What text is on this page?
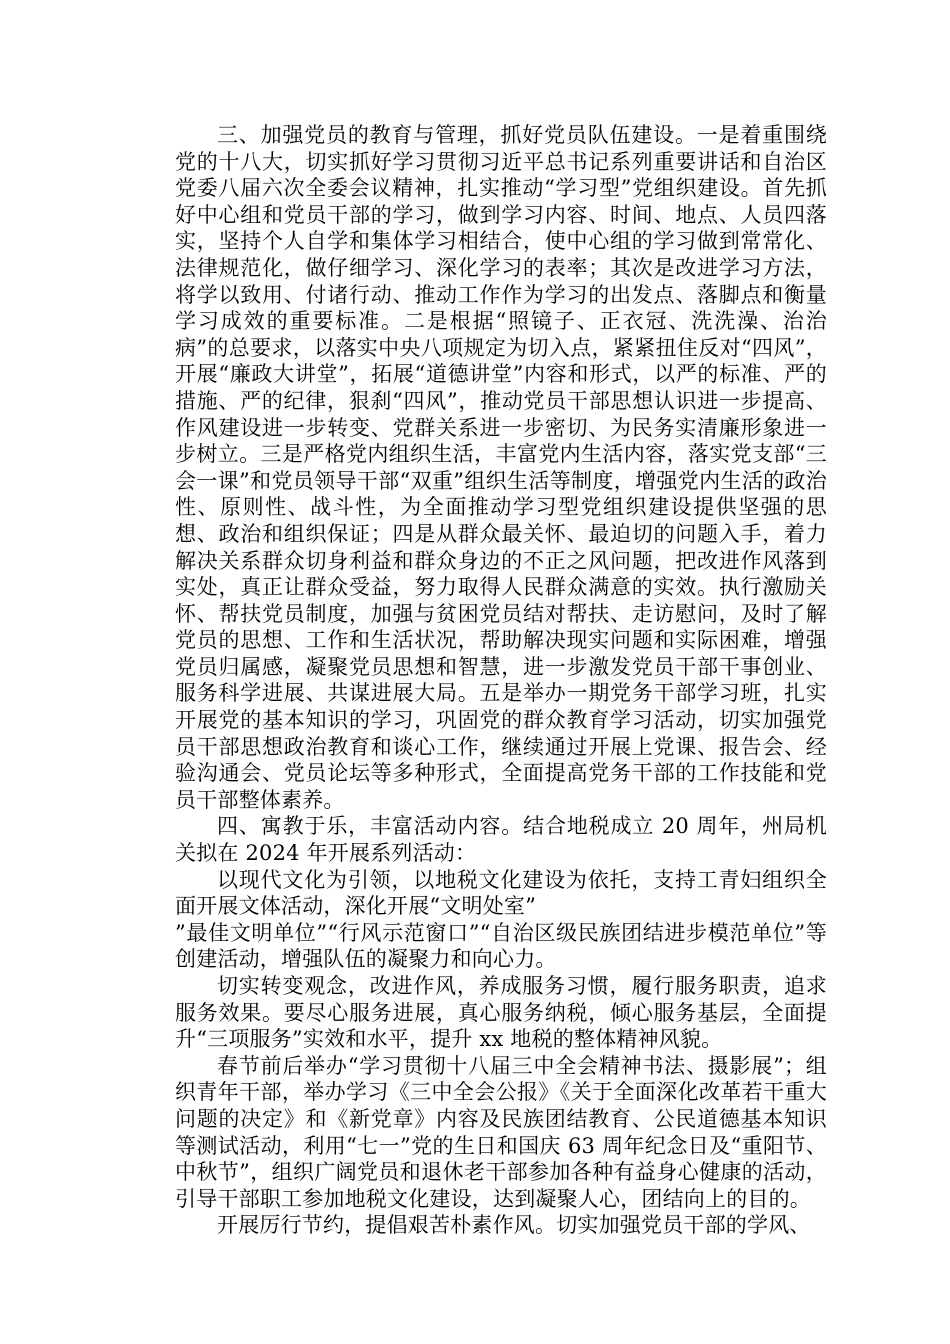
三、加强党员的教育与管理，抓好党员队伍建设。一是着重围绕党的十八大，切实抓好学习贯彻习近平总书记系列重要讲话和自治区党委八届六次全委会议精神，扎实推动“学习型”党组织建设。首先抓好中心组和党员干部的学习，做到学习内容、时间、地点、人员四落实，坚持个人自学和集体学习相结合，使中心组的学习做到常常化、法律规范化，做仔细学习、深化学习的表率；其次是改进学习方法，将学以致用、付诸行动、推动工作作为学习的出发点、落脚点和衡量学习成效的重要标准。二是根据“照镜子、正衣冠、洗洗澡、治治病”的总要求，以落实中央八项规定为切入点，紧紧扭住反对“四风”，开展“廉政大讲堂”，拓展“道德讲堂”内容和形式，以严的标准、严的措施、严的纪律，狠刹“四风”，推动党员干部思想认识进一步提高、作风建设进一步转变、党群关系进一步密切、为民务实清廉形象进一步树立。三是严格党内组织生活，丰富党内生活内容，落实党支部“三会一课”和党员领导干部“双重”组织生活等制度，增强党内生活的政治性、原则性、战斗性，为全面推动学习型党组织建设提供坚强的思想、政治和组织保证；四是从群众最关怀、最迫切的问题入手，着力解决关系群众切身利益和群众身边的不正之风问题，把改进作风落到实处，真正让群众受益，努力取得人民群众满意的实效。执行激励关怀、帮扶党员制度，加强与贫困党员结对帮扶、走访慰问，及时了解党员的思想、工作和生活状况，帮助解决现实问题和实际困难，增强党员归属感，凝聚党员思想和智慧，进一步激发党员干部干事创业、服务科学进展、共谋进展大局。五是举办一期党务干部学习班，扎实开展党的基本知识的学习，巩固党的群众教育学习活动，切实加强党员干部思想政治教育和谈心工作，继续通过开展上党课、报告会、经验沟通会、党员论坛等多种形式，全面提高党务干部的工作技能和党员干部整体素养。

四、寓教于乐，丰富活动内容。结合地税成立 20 周年，州局机关拟在 2024 年开展系列活动：

以现代文化为引领，以地税文化建设为依托，支持工青妇组织全面开展文体活动，深化开展“文明处室”

”最佳文明单位”“行风示范窗口”“自治区级民族团结进步模范单位”等创建活动，增强队伍的凝聚力和向心力。

切实转变观念，改进作风，养成服务习惯，履行服务职责，追求服务效果。要尽心服务进展，真心服务纳税，倾心服务基层，全面提升“三项服务”实效和水平，提升 xx 地税的整体精神风貌。

春节前后举办“学习贯彻十八届三中全会精神书法、摄影展”；组织青年干部，举办学习《三中全会公报》《关于全面深化改革若干重大问题的决定》和《新党章》内容及民族团结教育、公民道德基本知识等测试活动，利用“七一”党的生日和国庆 63 周年纪念日及“重阳节、中秋节”，组织广阔党员和退休老干部参加各种有益身心健康的活动，引导干部职工参加地税文化建设，达到凝聚人心，团结向上的目的。

开展厉行节约，提倡艰苦朴素作风。切实加强党员干部的学风、
